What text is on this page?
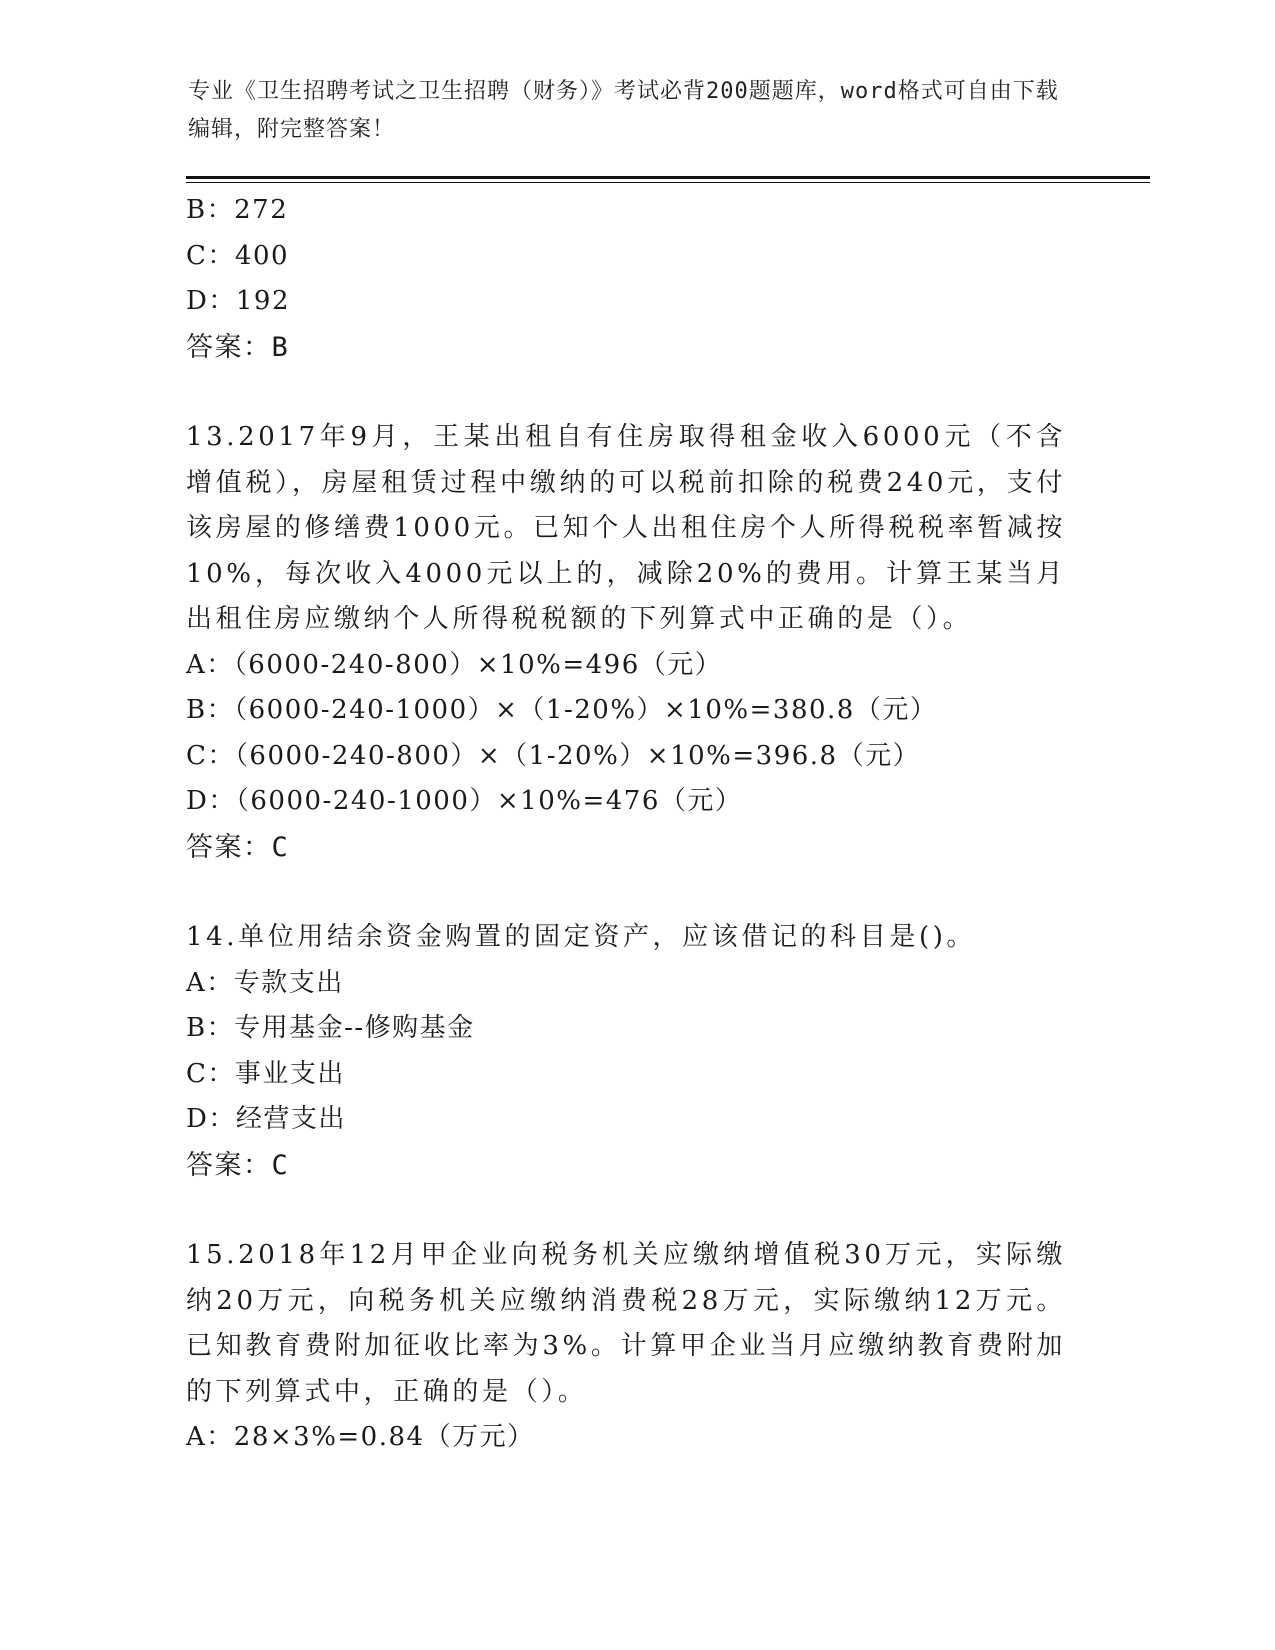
专业《卫生招聘考试之卫生招聘（财务）》考试必背200题题库，word格式可自由下载编辑，附完整答案！
B：272
C：400
D：192
答案：B
13.2017年9月，王某出租自有住房取得租金收入6000元（不含增值税），房屋租赁过程中缴纳的可以税前扣除的税费240元，支付该房屋的修缮费1000元。已知个人出租住房个人所得税税率暂减按10%，每次收入4000元以上的，减除20%的费用。计算王某当月出租住房应缴纳个人所得税税额的下列算式中正确的是（）。
A：（6000-240-800）×10%=496（元）
B：（6000-240-1000）×（1-20%）×10%=380.8（元）
C：（6000-240-800）×（1-20%）×10%=396.8（元）
D：（6000-240-1000）×10%=476（元）
答案：C
14.单位用结余资金购置的固定资产，应该借记的科目是()。
A：专款支出
B：专用基金--修购基金
C：事业支出
D：经营支出
答案：C
15.2018年12月甲企业向税务机关应缴纳增值税30万元，实际缴纳20万元，向税务机关应缴纳消费税28万元，实际缴纳12万元。已知教育费附加征收比率为3%。计算甲企业当月应缴纳教育费附加的下列算式中，正确的是（）。
A：28×3%=0.84（万元）
